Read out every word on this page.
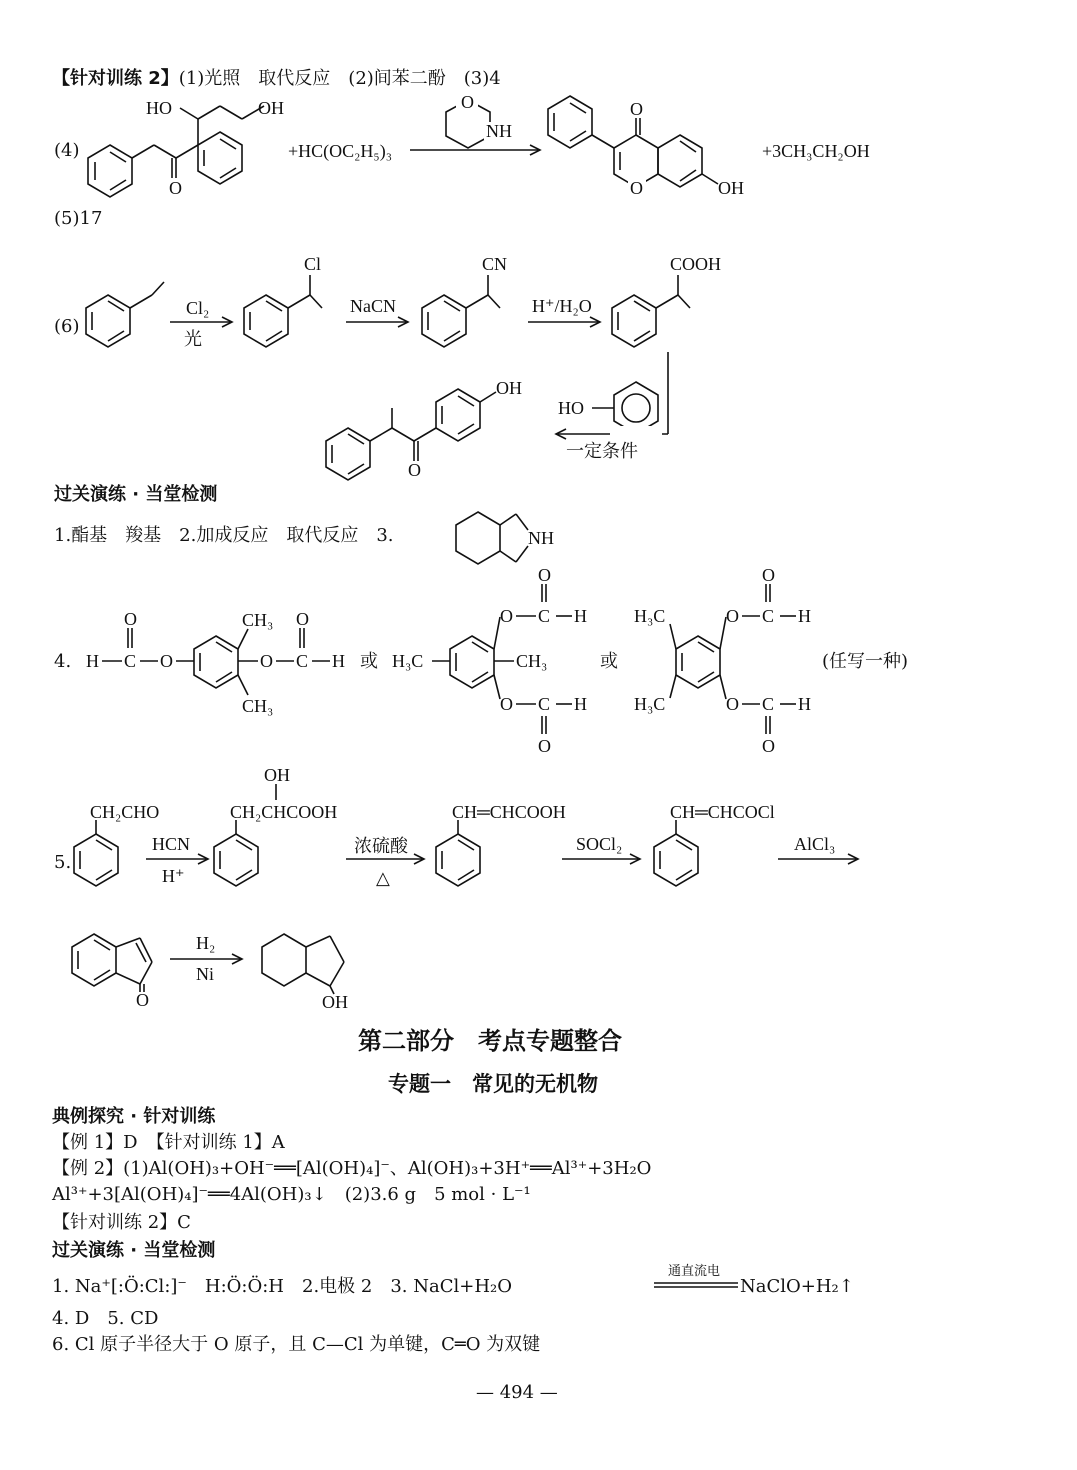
【针对训练 2】(1)光照　取代反应　(2)间苯二酚　(3)4
(4)	+HC(OC₂H₅)₃	+3CH₃CH₂OH
(5)17
(6)
过关演练 · 当堂检测
1.酯基　羧基　2.加成反应　取代反应　3.
4.	或	或	(任写一种)
5.
第二部分　考点专题整合
专题一　常见的无机物
典例探究 · 针对训练
【例 1】D　【针对训练 1】A
【例 2】(1)Al(OH)₃+OH⁻══[Al(OH)₄]⁻、Al(OH)₃+3H⁺══Al³⁺+3H₂O
Al³⁺+3[Al(OH)₄]⁻══4Al(OH)₃↓　(2)3.6 g　5 mol · L⁻¹
【针对训练 2】C
过关演练 · 当堂检测
1. Na⁺[:Ö:Cl:]⁻　H:Ö:Ö:H　2.电极 2　3. NaCl+H₂O
通直流电
NaClO+H₂↑
4. D　5. CD
6. Cl 原子半径大于 O 原子，且 C—Cl 为单键，C═O 为双键
— 494 —
O
HO	OH	O
NH
O
O	OH
Cl₂
光
Cl
NaCN
CN
H⁺/H₂O
COOH
一定条件
HO
O
OH
NH
H C
O
O
CH₃
CH₃
O C
O
H	H₃C	CH₃
O C
O
H
O C
O
H
H₃C
H₃C
O C
O
H
O C
O
H
CH₂CHO
HCN
H⁺
CH₂CHCOOH
OH
浓硫酸
△
CH═CHCOOH
SOCl₂
CH═CHCOCl
AlCl₃
O
H₂
Ni
OH
